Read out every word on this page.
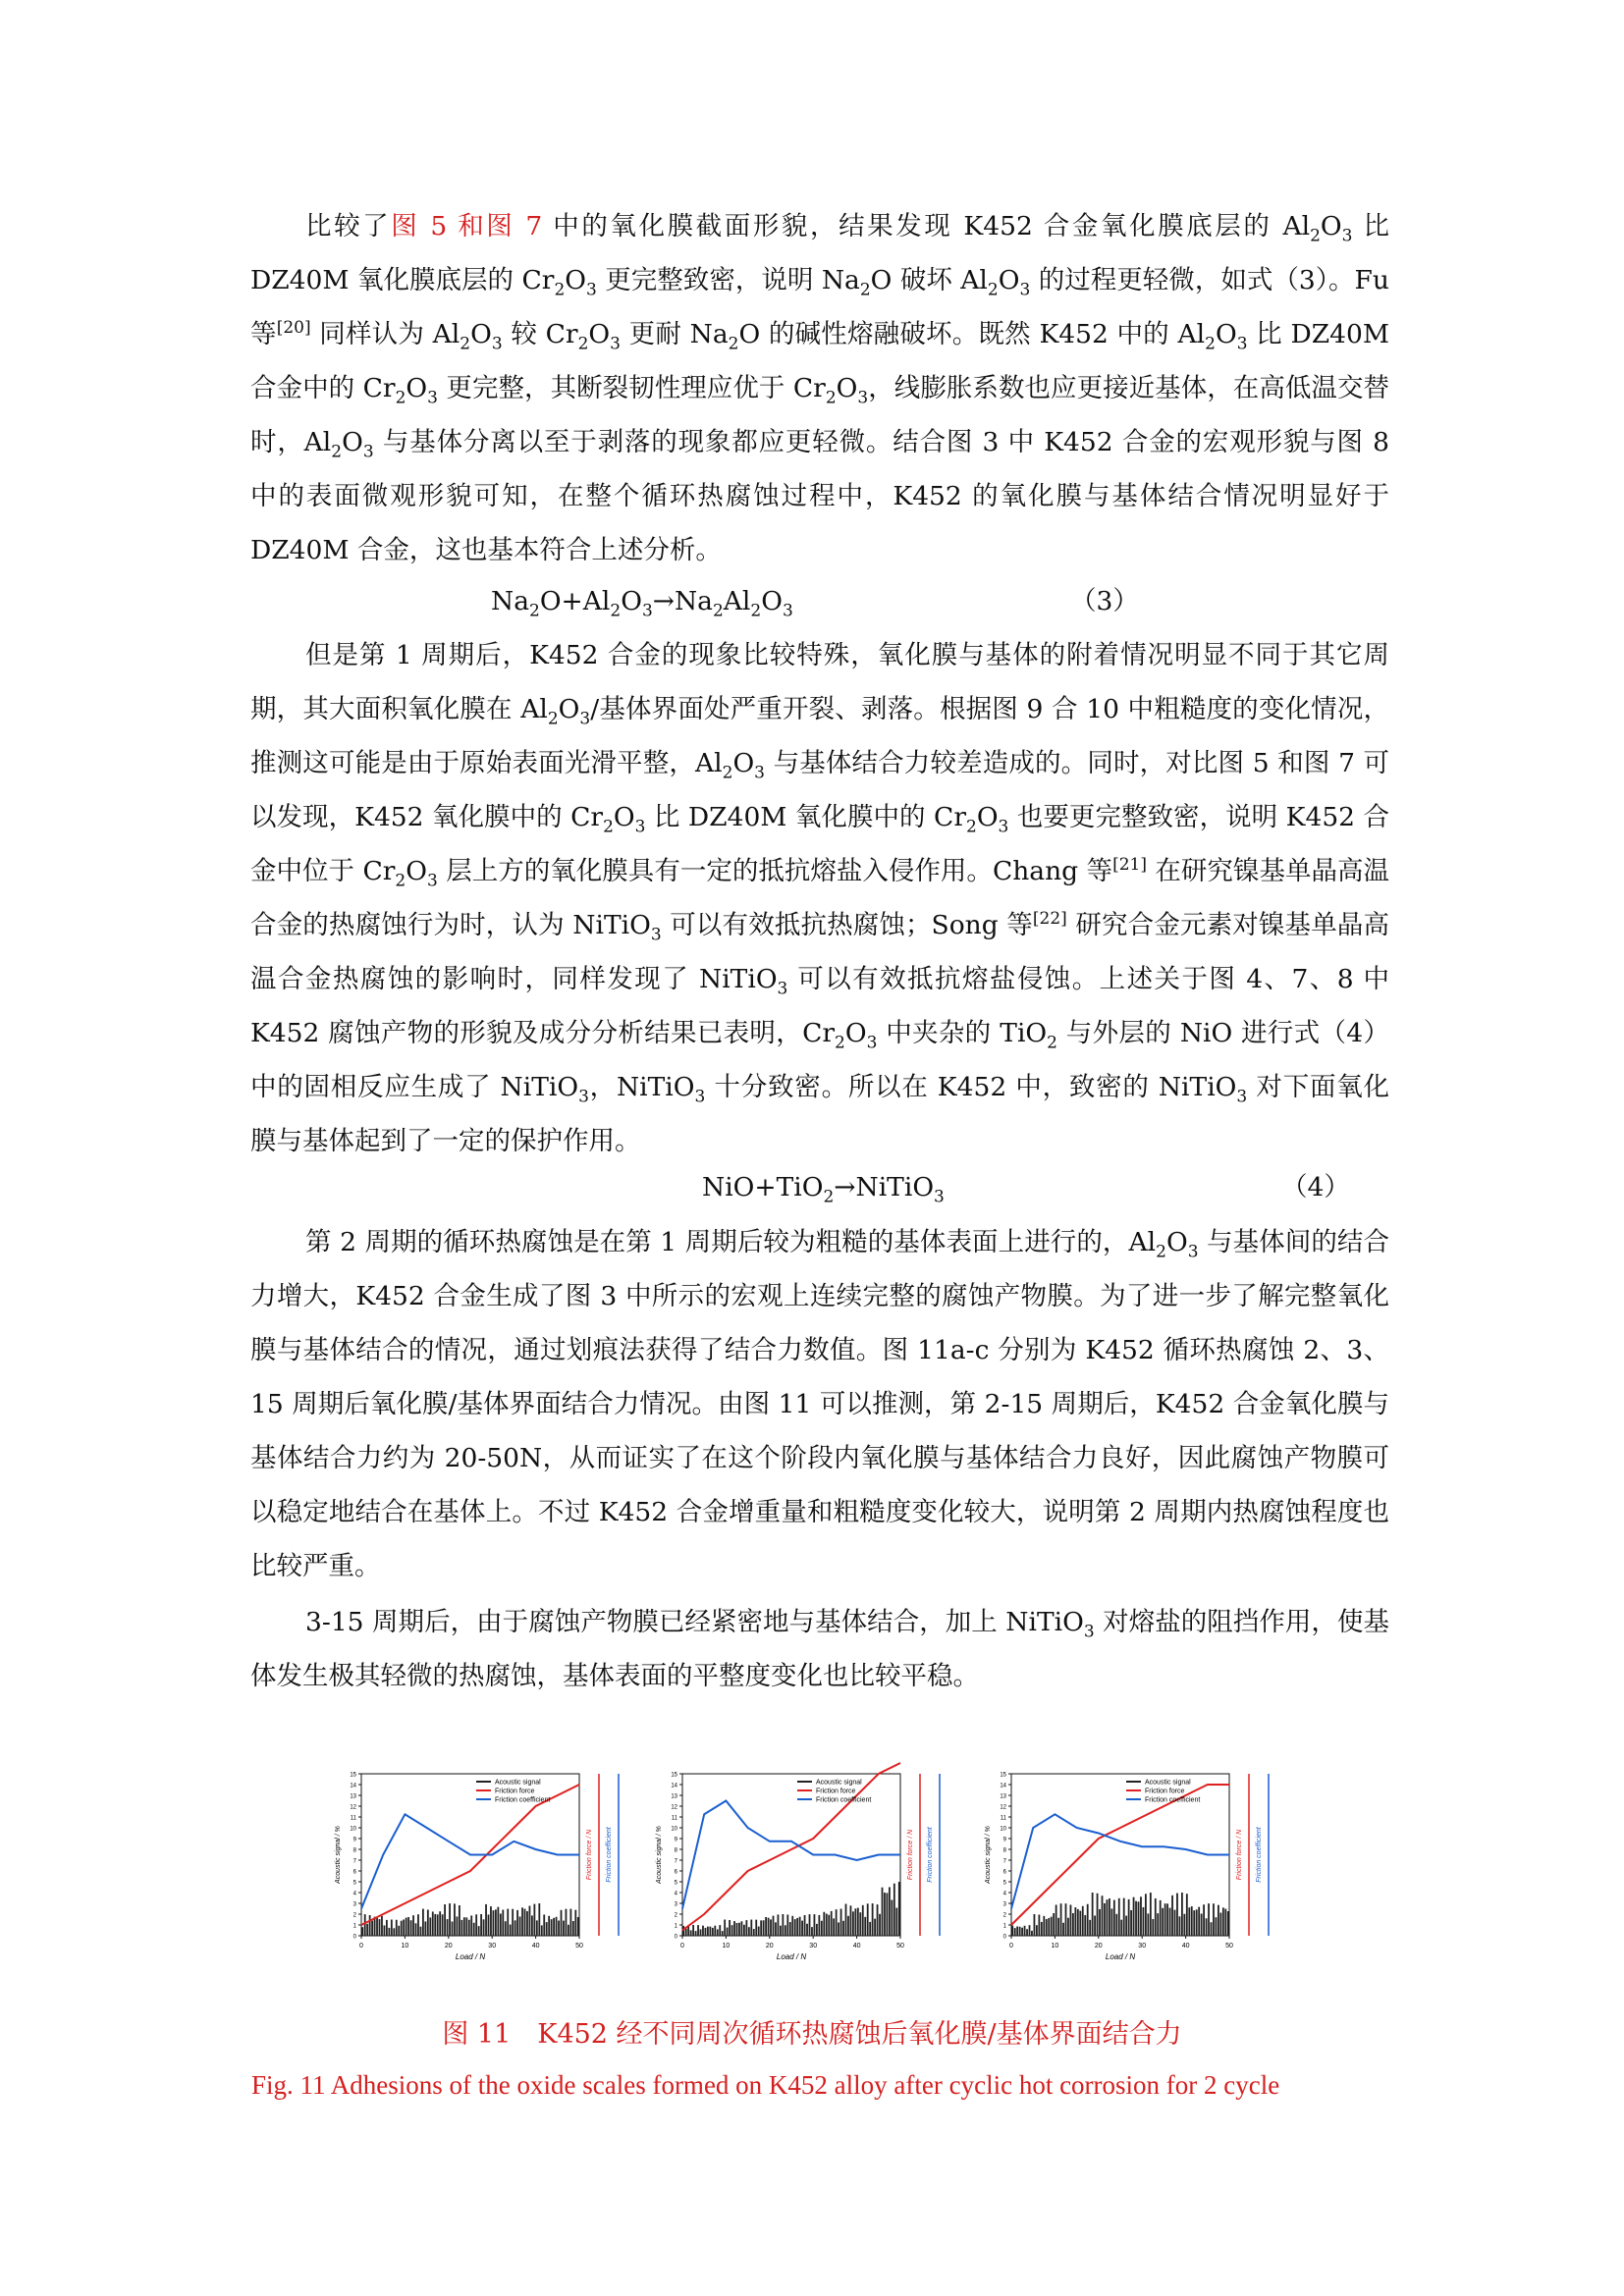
比较了图 5 和图 7 中的氧化膜截面形貌，结果发现 K452 合金氧化膜底层的 $Al_2O_3$ 比 DZ40M 氧化膜底层的 $Cr_2O_3$ 更完整致密，说明 $Na_2O$ 破坏 $Al_2O_3$ 的过程更轻微，如式（3）。Fu 等[20] 同样认为 $Al_2O_3$ 较 $Cr_2O_3$ 更耐 $Na_2O$ 的碱性熔融破坏。既然 K452 中的 $Al_2O_3$ 比 DZ40M 合金中的 $Cr_2O_3$ 更完整，其断裂韧性理应优于 $Cr_2O_3$，线膨胀系数也应更接近基体，在高低温交替时，$Al_2O_3$ 与基体分离以至于剥落的现象都应更轻微。结合图 3 中 K452 合金的宏观形貌与图 8 中的表面微观形貌可知，在整个循环热腐蚀过程中，K452 的氧化膜与基体结合情况明显好于 DZ40M 合金，这也基本符合上述分析。

$Na_2O+Al_2O_3\to Na_2Al_2O_3$	（3）

但是第 1 周期后，K452 合金的现象比较特殊，氧化膜与基体的附着情况明显不同于其它周期，其大面积氧化膜在 $Al_2O_3/$基体界面处严重开裂、剥落。根据图 9 合 10 中粗糙度的变化情况，推测这可能是由于原始表面光滑平整，$Al_2O_3$ 与基体结合力较差造成的。同时，对比图 5 和图 7 可以发现，K452 氧化膜中的 $Cr_2O_3$ 比 DZ40M 氧化膜中的 $Cr_2O_3$ 也要更完整致密，说明 K452 合金中位于 $Cr_2O_3$ 层上方的氧化膜具有一定的抵抗熔盐入侵作用。Chang 等[21] 在研究镍基单晶高温合金的热腐蚀行为时，认为 NiTiO$_3$ 可以有效抵抗热腐蚀；Song 等[22] 研究合金元素对镍基单晶高温合金热腐蚀的影响时，同样发现了 NiTiO$_3$ 可以有效抵抗熔盐侵蚀。上述关于图 4、7、8 中 K452 腐蚀产物的形貌及成分分析结果已表明，$Cr_2O_3$ 中夹杂的 TiO$_2$ 与外层的 NiO 进行式（4）中的固相反应生成了 NiTiO$_3$，NiTiO$_3$ 十分致密。所以在 K452 中，致密的 NiTiO$_3$ 对下面氧化膜与基体起到了一定的保护作用。

NiO+TiO$_2$→NiTiO$_3$	（4）

第 2 周期的循环热腐蚀是在第 1 周期后较为粗糙的基体表面上进行的，$Al_2O_3$ 与基体间的结合力增大，K452 合金生成了图 3 中所示的宏观上连续完整的腐蚀产物膜。为了进一步了解完整氧化膜与基体结合的情况，通过划痕法获得了结合力数值。图 11a-c 分别为 K452 循环热腐蚀 2、3、15 周期后氧化膜/基体界面结合力情况。由图 11 可以推测，第 2-15 周期后，K452 合金氧化膜与基体结合力约为 20-50N，从而证实了在这个阶段内氧化膜与基体结合力良好，因此腐蚀产物膜可以稳定地结合在基体上。不过 K452 合金增重量和粗糙度变化较大，说明第 2 周期内热腐蚀程度也比较严重。

3-15 周期后，由于腐蚀产物膜已经紧密地与基体结合，加上 NiTiO$_3$ 对熔盐的阻挡作用，使基体发生极其轻微的热腐蚀，基体表面的平整度变化也比较平稳。

0	10	20	30	40	50
0
1
2
3
4
5
6
7
8
9
10
11
12
13
14
15
Load / N
Acoustic signal / %	Friction force / N Friction coefficient
Acoustic signal
Friction force
Friction coefficient
0	10	20	30	40	50
0
1
2
3
4
5
6
7
8
9
10
11
12
13
14
15
Load / N
Acoustic signal / %	Friction force / N Friction coefficient
Acoustic signal
Friction force
Friction coefficient
0	10	20	30	40	50
0
1
2
3
4
5
6
7
8
9
10
11
12
13
14
15
Load / N
Acoustic signal / %	Friction force / N Friction coefficient
Acoustic signal
Friction force
Friction coefficient
图 11　K452 经不同周次循环热腐蚀后氧化膜/基体界面结合力
Fig. 11 Adhesions of the oxide scales formed on K452 alloy after cyclic hot corrosion for 2 cycle
